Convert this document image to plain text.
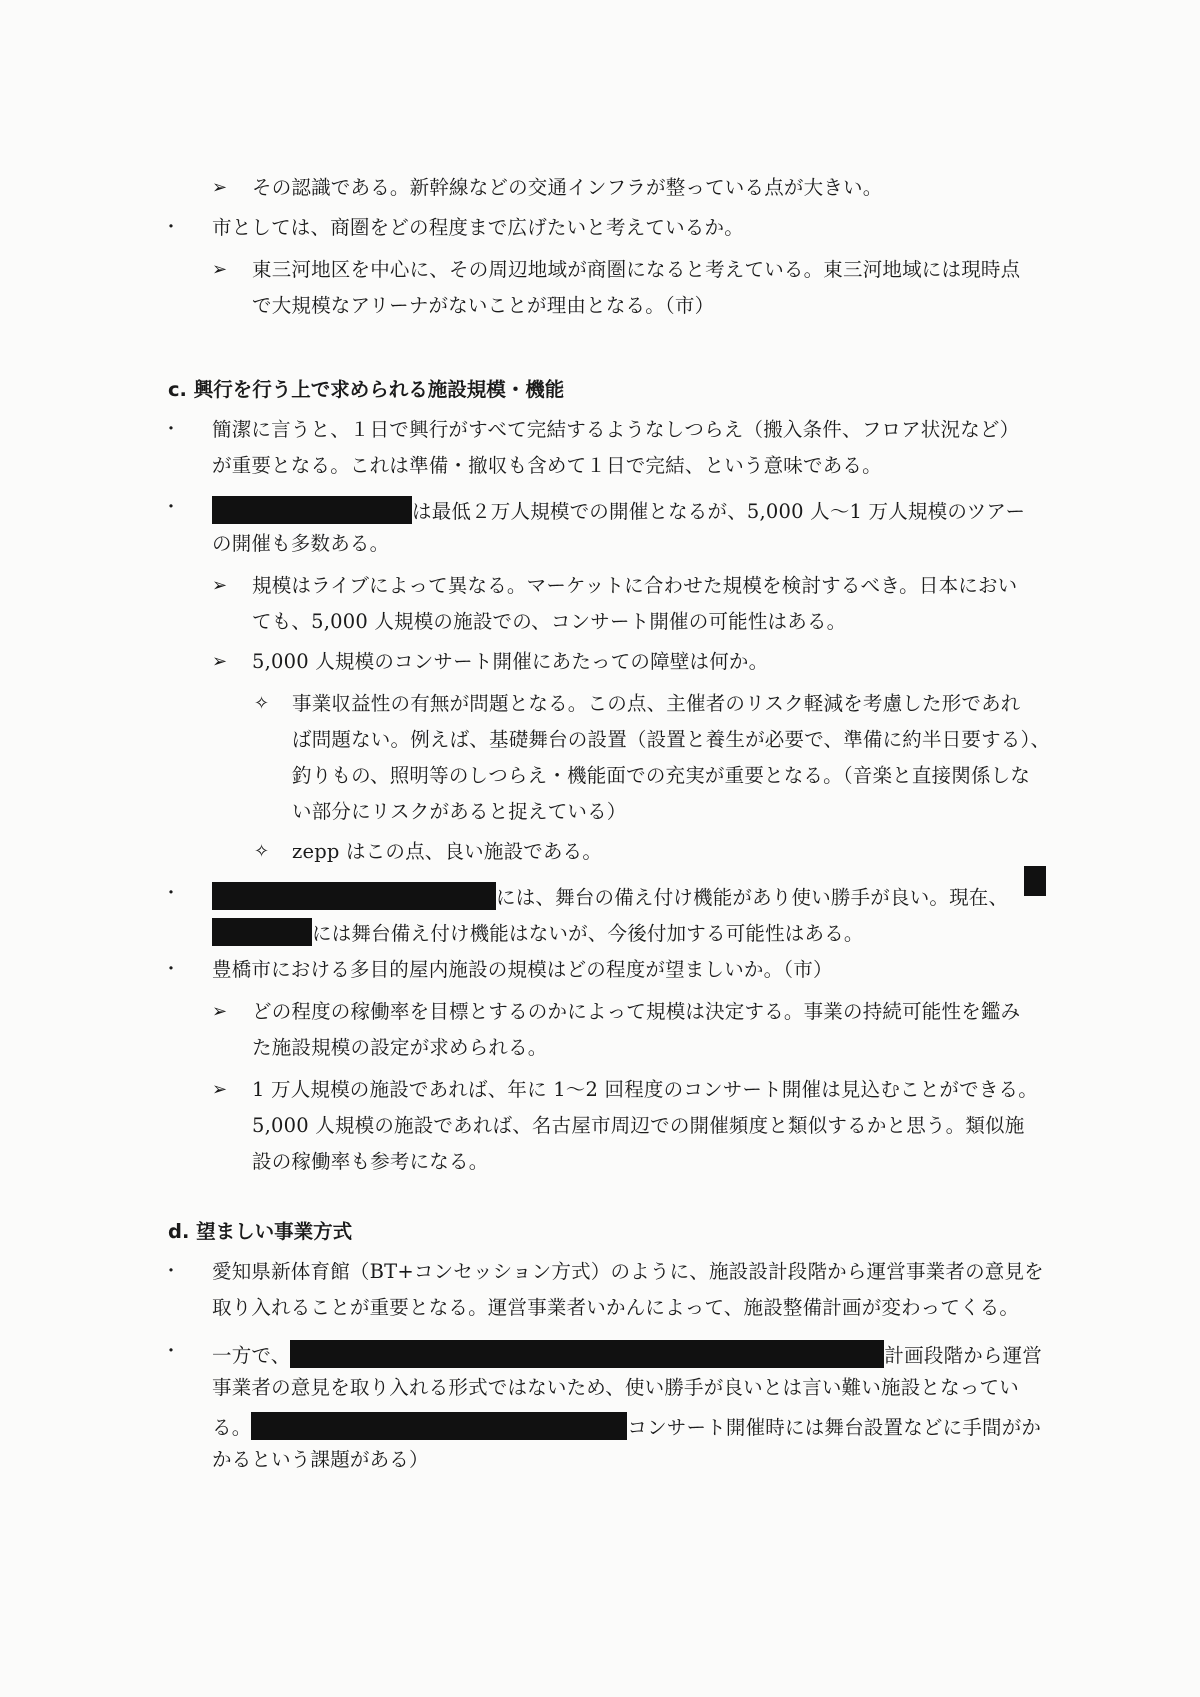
➢ その認識である。新幹線などの交通インフラが整っている点が大きい。
・ 市としては、商圏をどの程度まで広げたいと考えているか。
➢ 東三河地区を中心に、その周辺地域が商圏になると考えている。東三河地域には現時点
で大規模なアリーナがないことが理由となる。（市）
c. 興行を行う上で求められる施設規模・機能
・ 簡潔に言うと、１日で興行がすべて完結するようなしつらえ（搬入条件、フロア状況など）
が重要となる。これは準備・撤収も含めて１日で完結、という意味である。
・	は最低２万人規模での開催となるが、5,000 人～1 万人規模のツアー
の開催も多数ある。
➢ 規模はライブによって異なる。マーケットに合わせた規模を検討するべき。日本におい
ても、5,000 人規模の施設での、コンサート開催の可能性はある。
➢ 5,000 人規模のコンサート開催にあたっての障壁は何か。
✧ 事業収益性の有無が問題となる。この点、主催者のリスク軽減を考慮した形であれ
ば問題ない。例えば、基礎舞台の設置（設置と養生が必要で、準備に約半日要する）、
釣りもの、照明等のしつらえ・機能面での充実が重要となる。（音楽と直接関係しな
い部分にリスクがあると捉えている）
✧ zepp はこの点、良い施設である。
・	には、舞台の備え付け機能があり使い勝手が良い。現在、
には舞台備え付け機能はないが、今後付加する可能性はある。
・ 豊橋市における多目的屋内施設の規模はどの程度が望ましいか。（市）
➢ どの程度の稼働率を目標とするのかによって規模は決定する。事業の持続可能性を鑑み
た施設規模の設定が求められる。
➢ 1 万人規模の施設であれば、年に 1～2 回程度のコンサート開催は見込むことができる。
5,000 人規模の施設であれば、名古屋市周辺での開催頻度と類似するかと思う。類似施
設の稼働率も参考になる。
d. 望ましい事業方式
・ 愛知県新体育館（BT+コンセッション方式）のように、施設設計段階から運営事業者の意見を
取り入れることが重要となる。運営事業者いかんによって、施設整備計画が変わってくる。
・ 一方で、	計画段階から運営
事業者の意見を取り入れる形式ではないため、使い勝手が良いとは言い難い施設となってい
る。	コンサート開催時には舞台設置などに手間がか
かるという課題がある）
